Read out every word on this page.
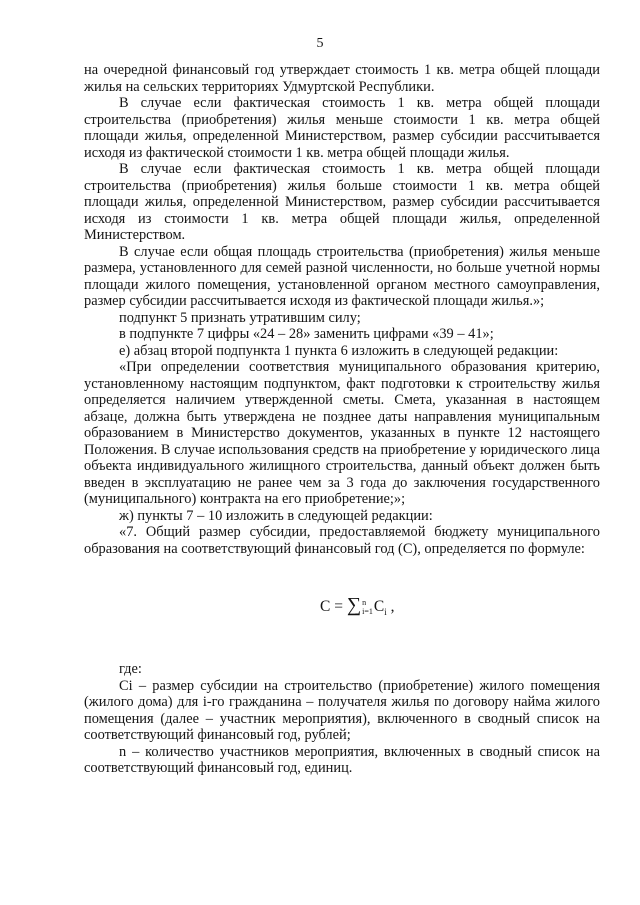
5

на очередной финансовый год утверждает стоимость 1 кв. метра общей площади жилья на сельских территориях Удмуртской Республики.

В случае если фактическая стоимость 1 кв. метра общей площади строительства (приобретения) жилья меньше стоимости 1 кв. метра общей площади жилья, определенной Министерством, размер субсидии рассчитывается исходя из фактической стоимости 1 кв. метра общей площади жилья.

В случае если фактическая стоимость 1 кв. метра общей площади строительства (приобретения) жилья больше стоимости 1 кв. метра общей площади жилья, определенной Министерством, размер субсидии рассчитывается исходя из стоимости 1 кв. метра общей площади жилья, определенной Министерством.

В случае если общая площадь строительства (приобретения) жилья меньше размера, установленного для семей разной численности, но больше учетной нормы площади жилого помещения, установленной органом местного самоуправления, размер субсидии рассчитывается исходя из фактической площади жилья.»;

подпункт 5 признать утратившим силу;

в подпункте 7 цифры «24 – 28» заменить цифрами «39 – 41»;

е) абзац второй подпункта 1 пункта 6 изложить в следующей редакции:

«При определении соответствия муниципального образования критерию, установленному настоящим подпунктом, факт подготовки к строительству жилья определяется наличием утвержденной сметы. Смета, указанная в настоящем абзаце, должна быть утверждена не позднее даты направления муниципальным образованием в Министерство документов, указанных в пункте 12 настоящего Положения. В случае использования средств на приобретение у юридического лица объекта индивидуального жилищного строительства, данный объект должен быть введен в эксплуатацию не ранее чем за 3 года до заключения государственного (муниципального) контракта на его приобретение;»;

ж) пункты 7 – 10 изложить в следующей редакции:

«7. Общий размер субсидии, предоставляемой бюджету муниципального образования на соответствующий финансовый год (С), определяется по формуле:

C = ∑ n
i=1 $C_i$ ,

где:

Ci – размер субсидии на строительство (приобретение) жилого помещения (жилого дома) для i-го гражданина – получателя жилья по договору найма жилого помещения (далее – участник мероприятия), включенного в сводный список на соответствующий финансовый год, рублей;

n – количество участников мероприятия, включенных в сводный список на соответствующий финансовый год, единиц.
